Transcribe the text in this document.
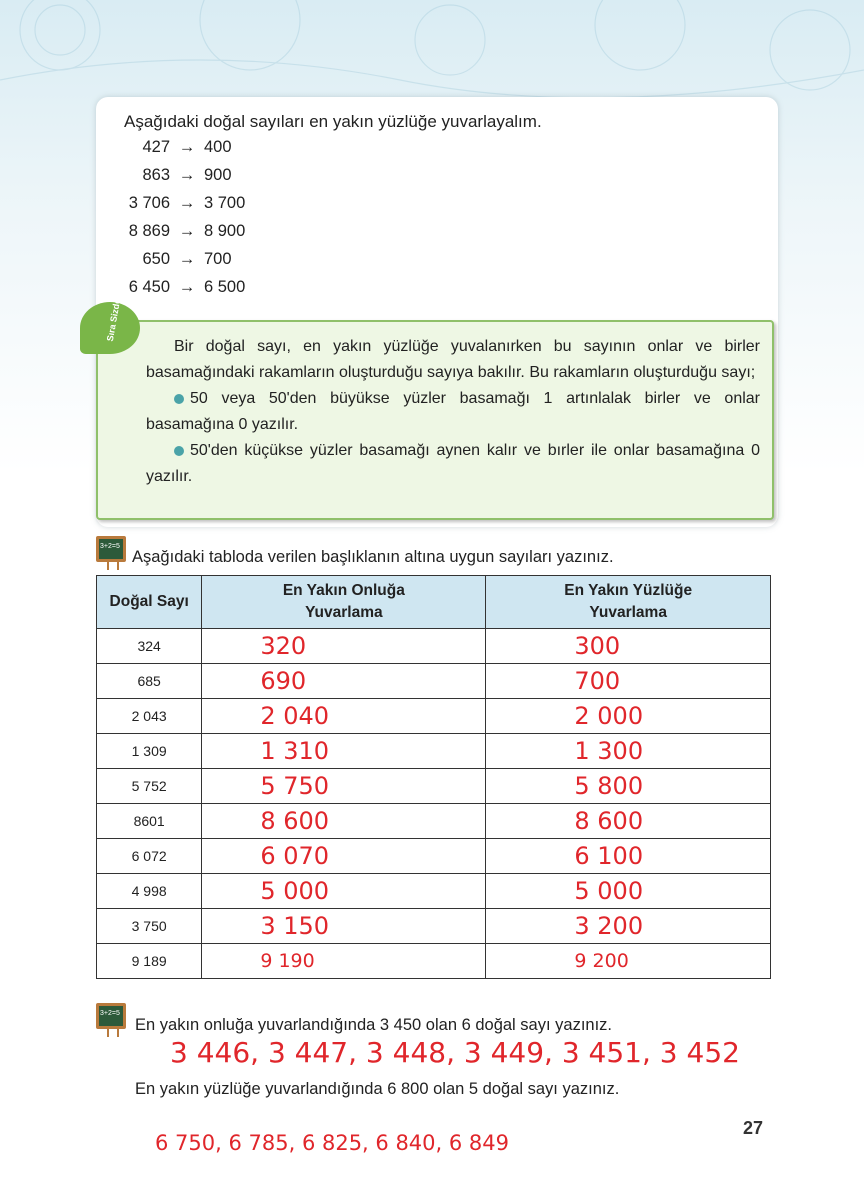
Aşağıdaki doğal sayıları en yakın yüzlüğe yuvarlayalım.
427 → 400
863 → 900
3 706 → 3 700
8 869 → 8 900
650 → 700
6 450 → 6 500
Sıra Sizde
Bir doğal sayı, en yakın yüzlüğe yuvalanırken bu sayının onlar ve birler basamağındaki rakamların oluşturduğu sayıya bakılır. Bu rakamların oluşturduğu sayı;
50 veya 50'den büyükse yüzler basamağı 1 artınlalak birler ve onlar basamağına 0 yazılır.
50'den küçükse yüzler basamağı aynen kalır ve bırler ile onlar basamağına 0 yazılır.
3+2=5
Aşağıdaki tabloda verilen başlıklanın altına uygun sayıları yazınız.
Doğal Sayı	En Yakın Onluğa Yuvarlama	En Yakın Yüzlüğe Yuvarlama
324	320	300
685	690	700
2 043	2 040	2 000
1 309	1 310	1 300
5 752	5 750	5 800
8601	8 600	8 600
6 072	6 070	6 100
4 998	5 000	5 000
3 750	3 150	3 200
9 189	9 190	9 200
3+2=5
En yakın onluğa yuvarlandığında 3 450 olan 6 doğal sayı yazınız.
3 446, 3 447, 3 448, 3 449, 3 451, 3 452
En yakın yüzlüğe yuvarlandığında 6 800 olan 5 doğal sayı yazınız.
6 750, 6 785, 6 825, 6 840, 6 849
27
